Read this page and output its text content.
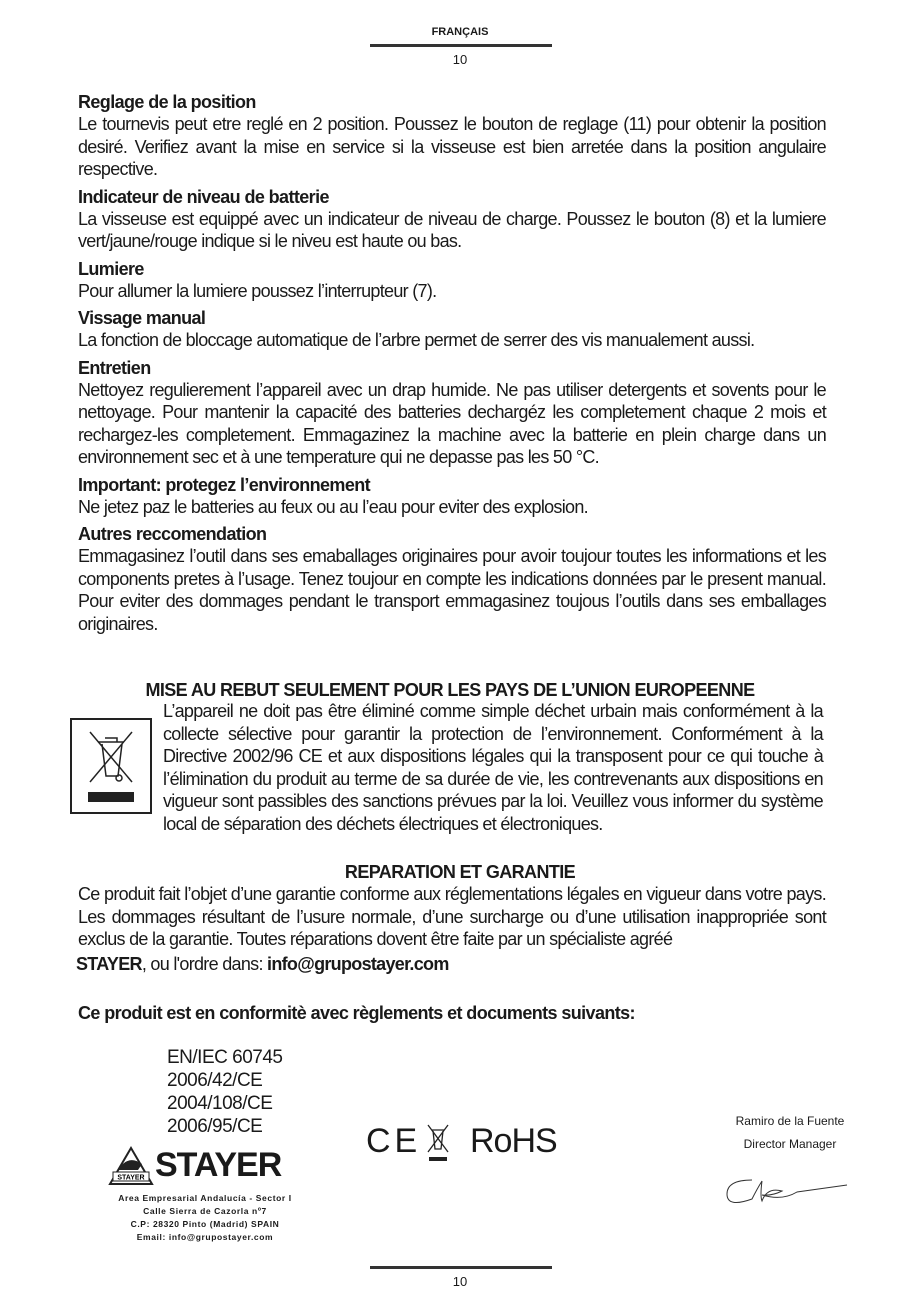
FRANÇAIS
10
Reglage de la position
Le tournevis peut etre reglé en 2 position. Poussez le bouton de reglage (11) pour obtenir la position desiré. Verifiez avant la mise en service si la visseuse est bien arretée dans la position angulaire respective.
Indicateur de niveau de batterie
La visseuse est equippé avec un indicateur de niveau de charge. Poussez le bouton (8) et la lumiere vert/jaune/rouge indique si le niveu est haute ou bas.
Lumiere
Pour allumer la lumiere poussez l’interrupteur (7).
Vissage manual
La fonction de bloccage automatique de l’arbre permet de serrer des vis manualement aussi.
Entretien
Nettoyez regulierement l’appareil avec un drap humide. Ne pas utiliser detergents et sovents pour le nettoyage. Pour mantenir la capacité des batteries dechargéz les completement chaque 2 mois et rechargez-les completement. Emmagazinez la machine avec la batterie en plein charge dans un environnement sec et à une temperature qui ne depasse pas les 50 °C.
Important: protegez l’environnement
Ne jetez paz le batteries au feux ou au l’eau pour eviter des explosion.
Autres reccomendation
Emmagasinez l’outil dans ses emaballages originaires pour avoir toujour toutes les informations et les components pretes à l’usage. Tenez toujour en compte les indications données par le present manual. Pour eviter des dommages pendant le transport emmagasinez toujous l’outils dans ses emballages originaires.
MISE AU REBUT SEULEMENT POUR LES PAYS DE L’UNION EUROPEENNE
L’appareil ne doit pas être éliminé comme simple déchet urbain mais conformément à la collecte sélective pour garantir la protection de l’environnement. Conformément à la Directive 2002/96 CE et aux dispositions légales qui la transposent pour ce qui touche à l’élimination du produit au terme de sa durée de vie, les contrevenants aux dispositions en vigueur sont passibles des sanctions prévues par la loi. Veuillez vous informer du système local de séparation des déchets électriques et électroniques.
REPARATION ET GARANTIE
Ce produit fait l’objet d’une garantie conforme aux réglementations légales en vigueur dans votre pays. Les dommages résultant de l’usure normale, d’une surcharge ou d’une utilisation inappropriée sont exclus de la garantie. Toutes réparations dovent être faite par un spécialiste agréé
STAYER, ou l'ordre dans: info@grupostayer.com
Ce produit est en conformitè avec règlements et documents suivants:
EN/IEC 60745
2006/42/CE
2004/108/CE
2006/95/CE
STAYER STAYER
Area Empresarial Andalucía - Sector I
Calle Sierra de Cazorla nº7
C.P: 28320 Pinto (Madrid) SPAIN
Email: info@grupostayer.com
CE RoHS
Ramiro de la Fuente
Director Manager
10
